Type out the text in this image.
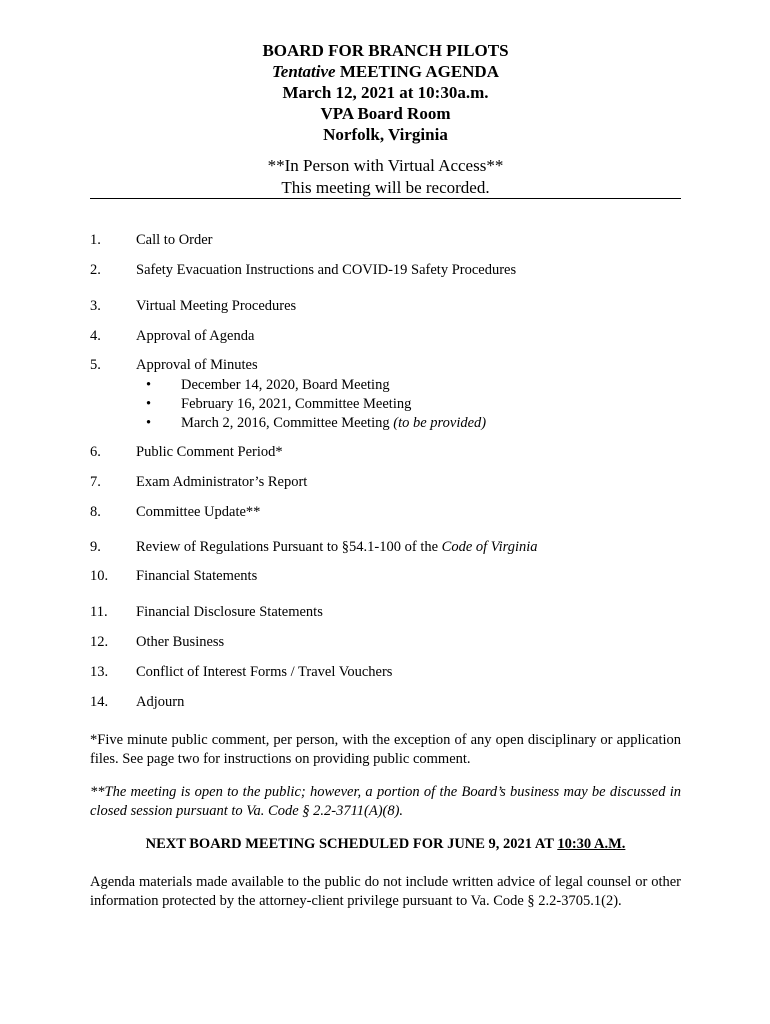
BOARD FOR BRANCH PILOTS
Tentative MEETING AGENDA
March 12, 2021 at 10:30a.m.
VPA Board Room
Norfolk, Virginia
**In Person with Virtual Access**
This meeting will be recorded.
1.	Call to Order
2.	Safety Evacuation Instructions and COVID-19 Safety Procedures
3.	Virtual Meeting Procedures
4.	Approval of Agenda
5.	Approval of Minutes
•	December 14, 2020, Board Meeting
•	February 16, 2021, Committee Meeting
•	March 2, 2016, Committee Meeting (to be provided)
6.	Public Comment Period*
7.	Exam Administrator’s Report
8.	Committee Update**
9.	Review of Regulations Pursuant to §54.1-100 of the Code of Virginia
10.	Financial Statements
11.	Financial Disclosure Statements
12.	Other Business
13.	Conflict of Interest Forms / Travel Vouchers
14.	Adjourn
*Five minute public comment, per person, with the exception of any open disciplinary or application files. See page two for instructions on providing public comment.
**The meeting is open to the public; however, a portion of the Board’s business may be discussed in closed session pursuant to Va. Code § 2.2-3711(A)(8).
NEXT BOARD MEETING SCHEDULED FOR JUNE 9, 2021 AT 10:30 A.M.
Agenda materials made available to the public do not include written advice of legal counsel or other information protected by the attorney-client privilege pursuant to Va. Code § 2.2-3705.1(2).
